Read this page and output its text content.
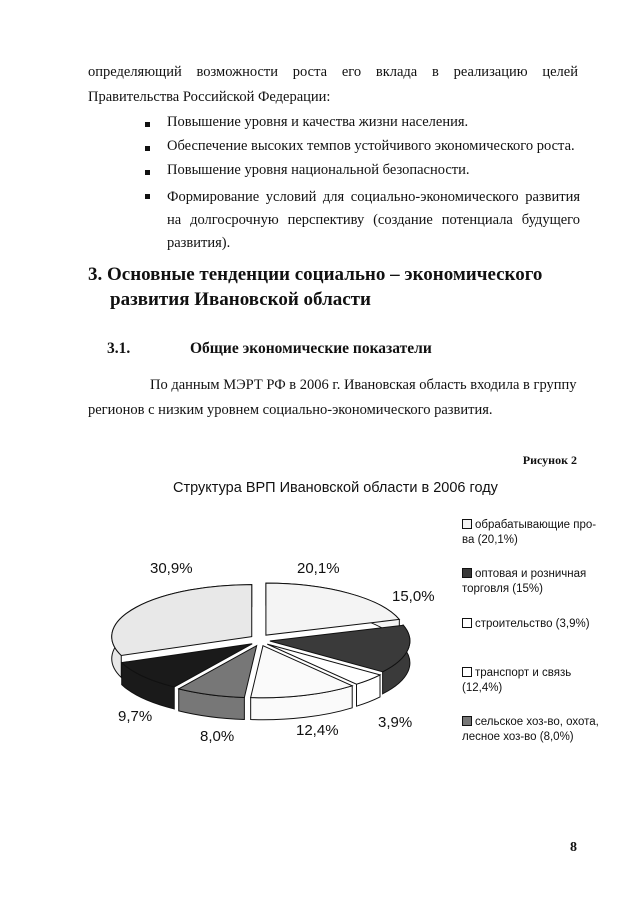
определяющий возможности роста его вклада в реализацию целей
Правительства Российской Федерации:
Повышение уровня и качества жизни населения.
Обеспечение высоких темпов устойчивого экономического роста.
Повышение уровня национальной безопасности.
Формирование условий для социально-экономического развития на долгосрочную перспективу (создание потенциала будущего развития).
3. Основные тенденции социально – экономического
развития Ивановской области
3.1.	Общие экономические показатели
По данным МЭРТ РФ в 2006 г. Ивановская область входила в группу
регионов с низким уровнем социально-экономического развития.
Рисунок 2
Структура ВРП Ивановской области в 2006 году
30,9%	20,1%
15,0%
3,9%
12,4%
8,0%
9,7%
обрабатывающие про-ва (20,1%)
оптовая и розничная торговля (15%)
строительство (3,9%)
транспорт и связь (12,4%)
сельское хоз-во, охота, лесное хоз-во (8,0%)
8
